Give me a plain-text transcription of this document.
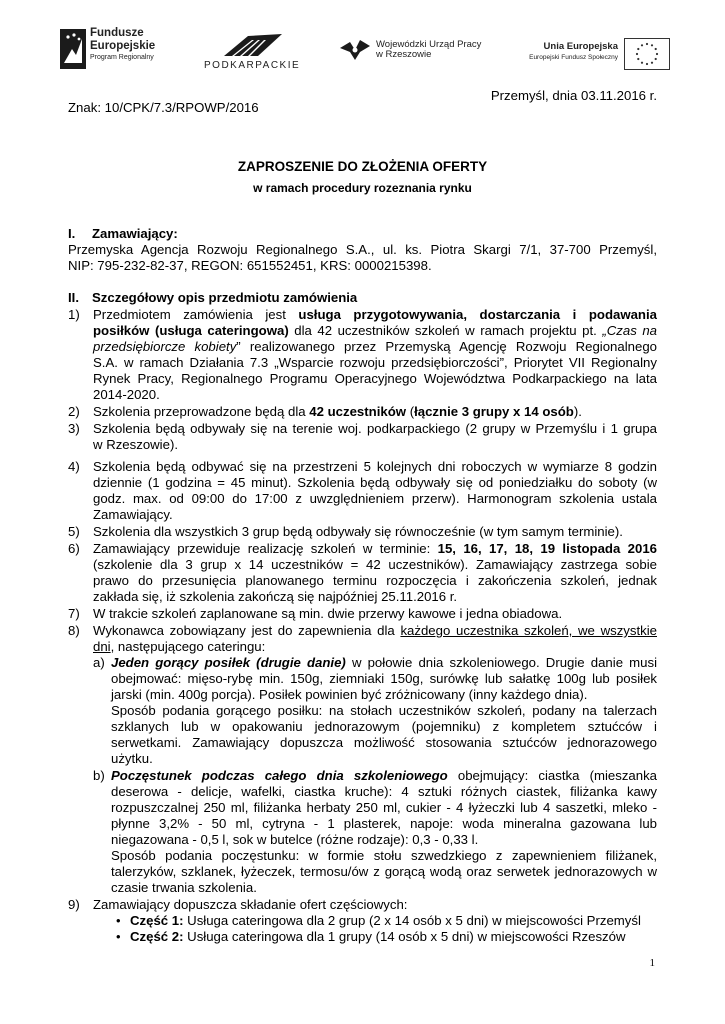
Fundusze
Europejskie
Program Regionalny
PODKARPACKIE
Wojewódzki Urząd Pracy
w Rzeszowie
Unia Europejska
Europejski Fundusz Społeczny
Przemyśl, dnia 03.11.2016 r.
Znak: 10/CPK/7.3/RPOWP/2016
ZAPROSZENIE DO ZŁOŻENIA OFERTY
w ramach procedury rozeznania rynku
I. Zamawiający:
Przemyska Agencja Rozwoju Regionalnego S.A., ul. ks. Piotra Skargi 7/1, 37-700 Przemyśl,
NIP: 795-232-82-37, REGON: 651552451, KRS: 0000215398.
II. Szczegółowy opis przedmiotu zamówienia
1) Przedmiotem zamówienia jest usługa przygotowywania, dostarczania i podawania
posiłków (usługa cateringowa) dla 42 uczestników szkoleń w ramach projektu pt. „Czas na
przedsiębiorcze kobiety” realizowanego przez Przemyską Agencję Rozwoju Regionalnego
S.A. w ramach Działania 7.3 „Wsparcie rozwoju przedsiębiorczości”, Priorytet VII Regionalny
Rynek Pracy, Regionalnego Programu Operacyjnego Województwa Podkarpackiego na lata
2014-2020.
2) Szkolenia przeprowadzone będą dla 42 uczestników (łącznie 3 grupy x 14 osób).
3) Szkolenia będą odbywały się na terenie woj. podkarpackiego (2 grupy w Przemyślu i 1 grupa
w Rzeszowie).
4) Szkolenia będą odbywać się na przestrzeni 5 kolejnych dni roboczych w wymiarze 8 godzin
dziennie (1 godzina = 45 minut). Szkolenia będą odbywały się od poniedziałku do soboty (w
godz. max. od 09:00 do 17:00 z uwzględnieniem przerw). Harmonogram szkolenia ustala
Zamawiający.
5) Szkolenia dla wszystkich 3 grup będą odbywały się równocześnie (w tym samym terminie).
6) Zamawiający przewiduje realizację szkoleń w terminie: 15, 16, 17, 18, 19 listopada 2016
(szkolenie dla 3 grup x 14 uczestników = 42 uczestników). Zamawiający zastrzega sobie
prawo do przesunięcia planowanego terminu rozpoczęcia i zakończenia szkoleń, jednak
zakłada się, iż szkolenia zakończą się najpóźniej 25.11.2016 r.
7) W trakcie szkoleń zaplanowane są min. dwie przerwy kawowe i jedna obiadowa.
8) Wykonawca zobowiązany jest do zapewnienia dla każdego uczestnika szkoleń, we wszystkie
dni, następującego cateringu:
a) Jeden gorący posiłek (drugie danie) w połowie dnia szkoleniowego. Drugie danie musi
obejmować: mięso-rybę min. 150g, ziemniaki 150g, surówkę lub sałatkę 100g lub posiłek
jarski (min. 400g porcja). Posiłek powinien być zróżnicowany (inny każdego dnia).
Sposób podania gorącego posiłku: na stołach uczestników szkoleń, podany na talerzach
szklanych lub w opakowaniu jednorazowym (pojemniku) z kompletem sztućców i
serwetkami. Zamawiający dopuszcza możliwość stosowania sztućców jednorazowego
użytku.
b) Poczęstunek podczas całego dnia szkoleniowego obejmujący: ciastka (mieszanka
deserowa - delicje, wafelki, ciastka kruche): 4 sztuki różnych ciastek, filiżanka kawy
rozpuszczalnej 250 ml, filiżanka herbaty 250 ml, cukier - 4 łyżeczki lub 4 saszetki, mleko -
płynne 3,2% - 50 ml, cytryna - 1 plasterek, napoje: woda mineralna gazowana lub
niegazowana - 0,5 l, sok w butelce (różne rodzaje): 0,3 - 0,33 l.
Sposób podania poczęstunku: w formie stołu szwedzkiego z zapewnieniem filiżanek,
talerzyków, szklanek, łyżeczek, termosu/ów z gorącą wodą oraz serwetek jednorazowych w
czasie trwania szkolenia.
9) Zamawiający dopuszcza składanie ofert częściowych:
• Część 1: Usługa cateringowa dla 2 grup (2 x 14 osób x 5 dni) w miejscowości Przemyśl
• Część 2: Usługa cateringowa dla 1 grupy (14 osób x 5 dni) w miejscowości Rzeszów
1
